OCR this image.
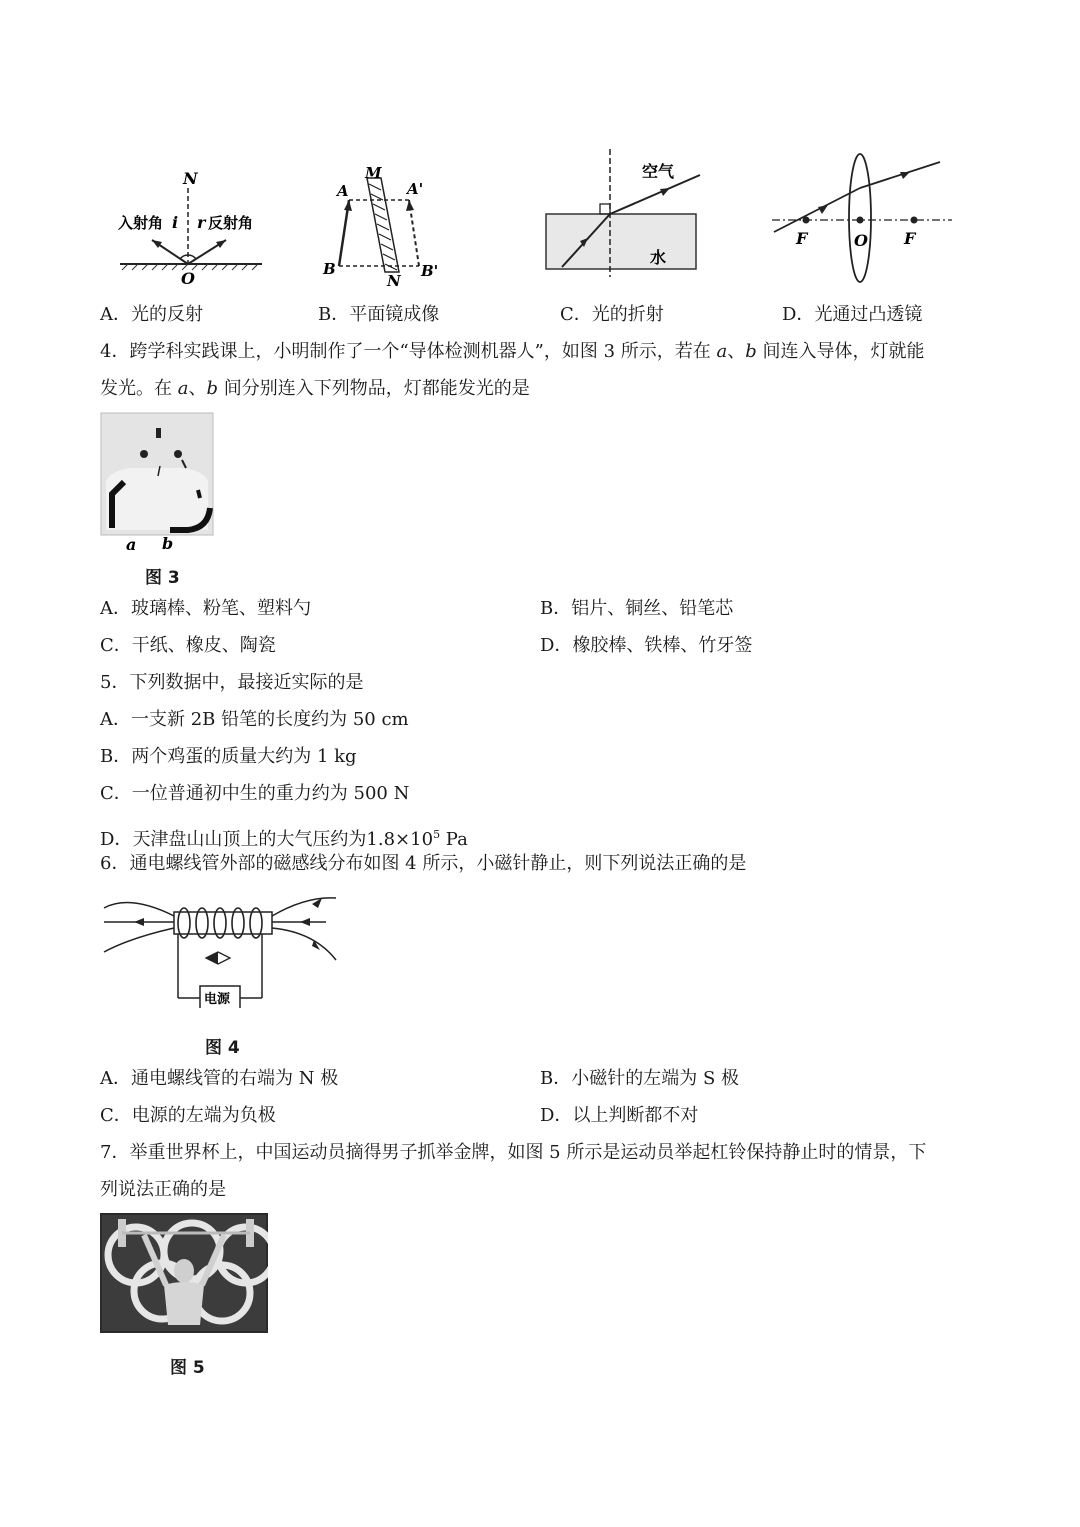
N
i r
入射角	反射角
O
M
N
A	A'
B	B'
空气
水
F	O F
A．光的反射	B．平面镜成像	C．光的折射	D．光通过凸透镜
4．跨学科实践课上，小明制作了一个“导体检测机器人”，如图 3 所示，若在 a、b 间连入导体，灯就能
发光。在 a、b 间分别连入下列物品，灯都能发光的是
a b
图 3
A．玻璃棒、粉笔、塑料勺	B．铝片、铜丝、铅笔芯
C．干纸、橡皮、陶瓷	D．橡胶棒、铁棒、竹牙签
5．下列数据中，最接近实际的是
A．一支新 2B 铅笔的长度约为 50 cm
B．两个鸡蛋的质量大约为 1 kg
C．一位普通初中生的重力约为 500 N
D．天津盘山山顶上的大气压约为$1.8\times 10^5$ Pa
6．通电螺线管外部的磁感线分布如图 4 所示，小磁针静止，则下列说法正确的是
电源
图 4
A．通电螺线管的右端为 N 极	B．小磁针的左端为 S 极
C．电源的左端为负极	D．以上判断都不对
7．举重世界杯上，中国运动员摘得男子抓举金牌，如图 5 所示是运动员举起杠铃保持静止时的情景，下
列说法正确的是
图 5
